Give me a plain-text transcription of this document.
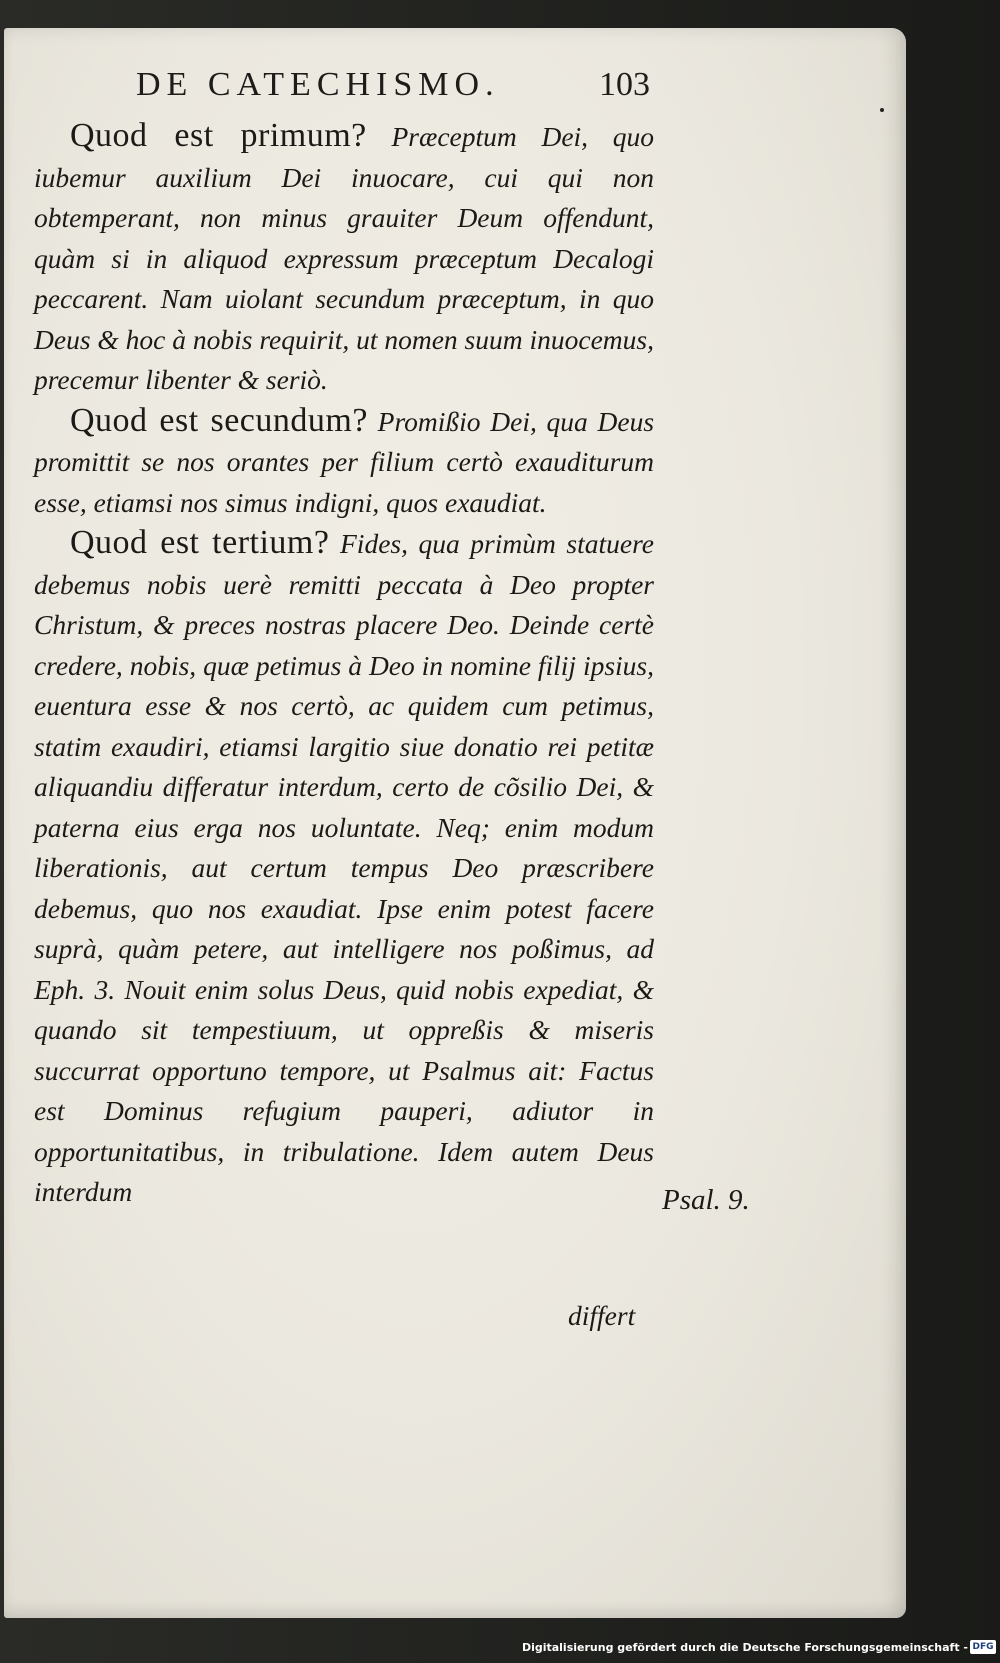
DE CATECHISMO.	103

Quod est primum? Præceptum Dei, quo iubemur auxilium Dei inuocare, cui qui non obtemperant, non minus grauiter Deum offendunt, quàm si in aliquod expressum præceptum Decalogi peccarent. Nam uiolant secundum præceptum, in quo Deus & hoc à nobis requirit, ut nomen suum inuocemus, precemur libenter & seriò.

Quod est secundum? Promißio Dei, qua Deus promittit se nos orantes per filium certò exauditurum esse, etiamsi nos simus indigni, quos exaudiat.

Quod est tertium? Fides, qua primùm statuere debemus nobis uerè remitti peccata à Deo propter Christum, & preces nostras placere Deo. Deinde certè credere, nobis, quæ petimus à Deo in nomine filij ipsius, euentura esse & nos certò, ac quidem cum petimus, statim exaudiri, etiamsi largitio siue donatio rei petitæ aliquandiu differatur interdum, certo de cõsilio Dei, & paterna eius erga nos uoluntate. Neq; enim modum liberationis, aut certum tempus Deo præscribere debemus, quo nos exaudiat. Ipse enim potest facere suprà, quàm petere, aut intelligere nos poßimus, ad Eph. 3. Nouit enim solus Deus, quid nobis expediat, & quando sit tempestiuum, ut oppreßis & miseris succurrat opportuno tempore, ut Psalmus ait: Factus est Dominus refugium pauperi, adiutor in opportunitatibus, in tribulatione. Idem autem Deus interdum	Psal. 9.
differt
Digitalisierung gefördert durch die Deutsche Forschungsgemeinschaft - DFG
